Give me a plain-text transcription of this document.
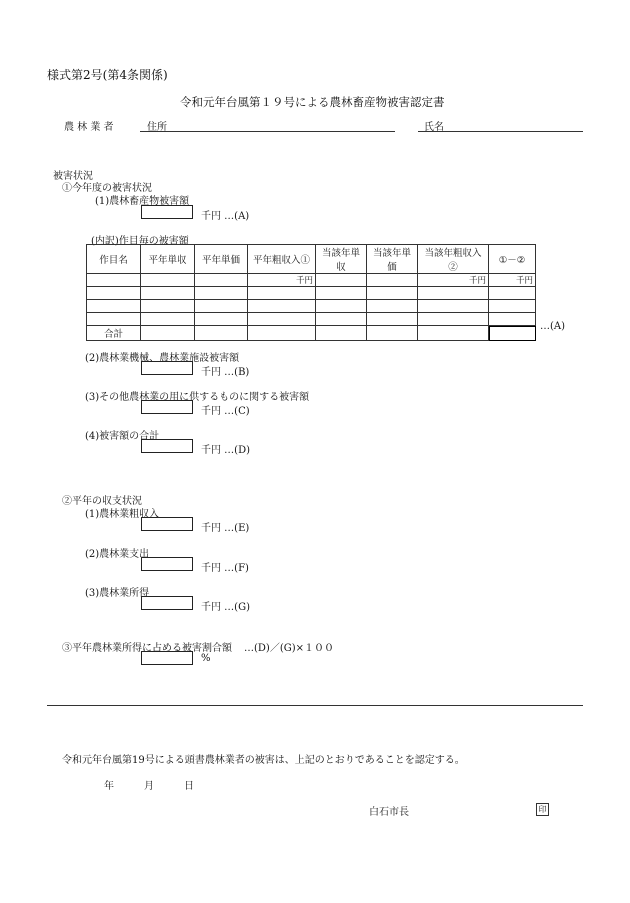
様式第2号(第4条関係)
令和元年台風第１９号による農林畜産物被害認定書
農 林 業 者	住所	氏名
被害状況
①今年度の被害状況
(1)農林畜産物被害額
千円 …(A)
(内訳)作目毎の被害額
作目名	平年単収	平年単価	平年粗収入①	当該年単収	当該年単価	当該年粗収入②	①－②
			千円			千円	千円

合計							
…(A)
(2)農林業機械、農林業施設被害額
千円 …(B)
(3)その他農林業の用に供するものに関する被害額
千円 …(C)
(4)被害額の合計
千円 …(D)
②平年の収支状況
(1)農林業粗収入
千円 …(E)
(2)農林業支出
千円 …(F)
(3)農林業所得
千円 …(G)
③平年農林業所得に占める被害割合額 …(D)／(G)×１００
%
令和元年台風第19号による頭書農林業者の被害は、上記のとおりであることを認定する。
年	月	日
白石市長	印
